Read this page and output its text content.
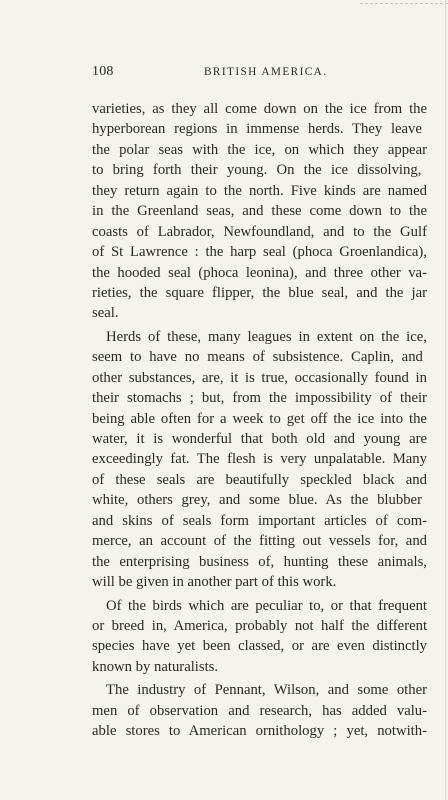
108	BRITISH AMERICA.
varieties, as they all come down on the ice from the
hyperborean regions in immense herds. They leave
the polar seas with the ice, on which they appear
to bring forth their young. On the ice dissolving,
they return again to the north. Five kinds are named
in the Greenland seas, and these come down to the
coasts of Labrador, Newfoundland, and to the Gulf
of St Lawrence : the harp seal (phoca Groenlandica),
the hooded seal (phoca leonina), and three other va-
rieties, the square flipper, the blue seal, and the jar
seal.
Herds of these, many leagues in extent on the ice,
seem to have no means of subsistence. Caplin, and
other substances, are, it is true, occasionally found in
their stomachs ; but, from the impossibility of their
being able often for a week to get off the ice into the
water, it is wonderful that both old and young are
exceedingly fat. The flesh is very unpalatable. Many
of these seals are beautifully speckled black and
white, others grey, and some blue. As the blubber
and skins of seals form important articles of com-
merce, an account of the fitting out vessels for, and
the enterprising business of, hunting these animals,
will be given in another part of this work.
Of the birds which are peculiar to, or that frequent
or breed in, America, probably not half the different
species have yet been classed, or are even distinctly
known by naturalists.
The industry of Pennant, Wilson, and some other
men of observation and research, has added valu-
able stores to American ornithology ; yet, notwith-
